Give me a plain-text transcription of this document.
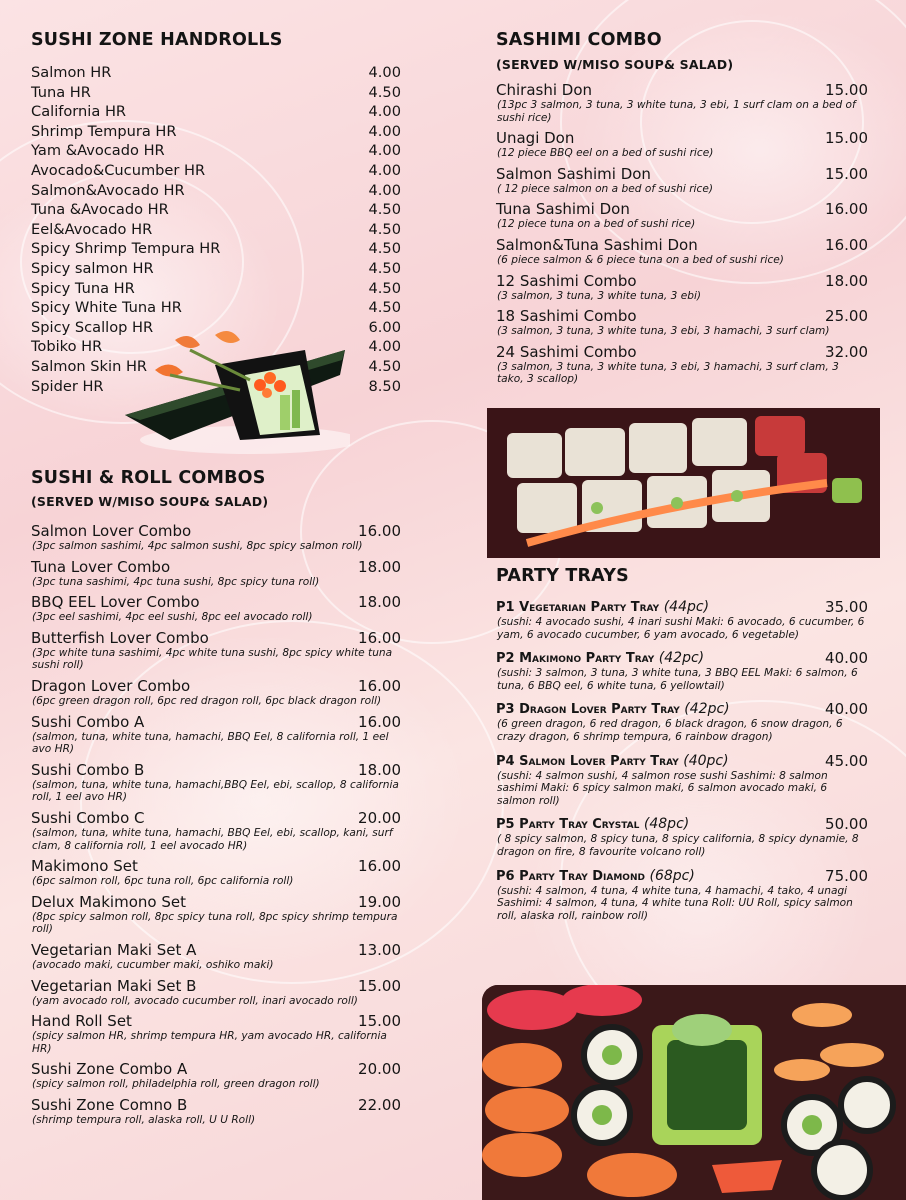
SUSHI ZONE HANDROLLS
Salmon HR	4.00
Tuna HR	4.50
California HR	4.00
Shrimp Tempura HR	4.00
Yam &Avocado HR	4.00
Avocado&Cucumber HR	4.00
Salmon&Avocado HR	4.00
Tuna &Avocado HR	4.50
Eel&Avocado HR	4.50
Spicy Shrimp Tempura HR	4.50
Spicy salmon HR	4.50
Spicy Tuna HR	4.50
Spicy White Tuna HR	4.50
Spicy Scallop HR	6.00
Tobiko HR	4.00
Salmon Skin HR	4.50
Spider HR	8.50
SUSHI & ROLL COMBOS
(SERVED W/MISO SOUP& SALAD)
Salmon Lover Combo	16.00
(3pc salmon sashimi, 4pc salmon sushi, 8pc spicy salmon roll)
Tuna Lover Combo	18.00
(3pc tuna sashimi, 4pc tuna sushi, 8pc spicy tuna roll)
BBQ EEL Lover Combo	18.00
(3pc eel sashimi, 4pc eel sushi, 8pc eel avocado roll)
Butterfish Lover Combo	16.00
(3pc white tuna sashimi, 4pc white tuna sushi, 8pc spicy white tuna sushi roll)
Dragon Lover Combo	16.00
(6pc green dragon roll, 6pc red dragon roll, 6pc black dragon roll)
Sushi Combo A	16.00
(salmon, tuna, white tuna, hamachi, BBQ Eel, 8 california roll, 1 eel avo HR)
Sushi Combo B	18.00
(salmon, tuna, white tuna, hamachi,BBQ Eel, ebi, scallop, 8 california roll, 1 eel avo HR)
Sushi Combo C	20.00
(salmon, tuna, white tuna, hamachi, BBQ Eel, ebi, scallop, kani, surf clam, 8 california roll, 1 eel avocado HR)
Makimono Set	16.00
(6pc salmon roll, 6pc tuna roll, 6pc california roll)
Delux Makimono Set	19.00
(8pc spicy salmon roll, 8pc spicy tuna roll, 8pc spicy shrimp tempura roll)
Vegetarian Maki Set A	13.00
(avocado maki, cucumber maki, oshiko maki)
Vegetarian Maki Set B	15.00
(yam avocado roll, avocado cucumber roll, inari avocado roll)
Hand Roll Set	15.00
(spicy salmon HR, shrimp tempura HR, yam avocado HR, california HR)
Sushi Zone Combo A	20.00
(spicy salmon roll, philadelphia roll, green dragon roll)
Sushi Zone Comno B	22.00
(shrimp tempura roll, alaska roll, U U Roll)
SASHIMI COMBO
(SERVED W/MISO SOUP& SALAD)
Chirashi Don	15.00
(13pc 3 salmon, 3 tuna, 3 white tuna, 3 ebi, 1 surf clam on a bed of sushi rice)
Unagi Don	15.00
(12 piece BBQ eel on a bed of sushi rice)
Salmon Sashimi Don	15.00
( 12 piece salmon on a bed of sushi rice)
Tuna Sashimi Don	16.00
(12 piece tuna on a bed of sushi rice)
Salmon&Tuna Sashimi Don	16.00
(6 piece salmon & 6 piece tuna on a bed of sushi rice)
12 Sashimi Combo	18.00
(3 salmon, 3 tuna, 3 white tuna, 3 ebi)
18 Sashimi Combo	25.00
(3 salmon, 3 tuna, 3 white tuna, 3 ebi, 3 hamachi, 3 surf clam)
24 Sashimi Combo	32.00
(3 salmon, 3 tuna, 3 white tuna, 3 ebi, 3 hamachi, 3 surf clam, 3 tako, 3 scallop)
PARTY TRAYS
P1 Vegetarian Party Tray (44pc)	35.00
(sushi: 4 avocado sushi, 4 inari sushi Maki: 6 avocado, 6 cucumber, 6 yam, 6 avocado cucumber, 6 yam avocado, 6 vegetable)
P2 Makimono Party Tray (42pc)	40.00
(sushi: 3 salmon, 3 tuna, 3 white tuna, 3 BBQ EEL Maki: 6 salmon, 6 tuna, 6 BBQ eel, 6 white tuna, 6 yellowtail)
P3 Dragon Lover Party Tray (42pc)	40.00
(6 green dragon, 6 red dragon, 6 black dragon, 6 snow dragon, 6 crazy dragon, 6 shrimp tempura, 6 rainbow dragon)
P4 Salmon Lover Party Tray (40pc)	45.00
(sushi: 4 salmon sushi, 4 salmon rose sushi Sashimi: 8 salmon sashimi Maki: 6 spicy salmon maki, 6 salmon avocado maki, 6 salmon roll)
P5 Party Tray Crystal (48pc)	50.00
( 8 spicy salmon, 8 spicy tuna, 8 spicy california, 8 spicy dynamie, 8 dragon on fire, 8 favourite volcano roll)
P6 Party Tray Diamond (68pc)	75.00
(sushi: 4 salmon, 4 tuna, 4 white tuna, 4 hamachi, 4 tako, 4 unagi Sashimi: 4 salmon, 4 tuna, 4 white tuna Roll: UU Roll, spicy salmon roll, alaska roll, rainbow roll)
